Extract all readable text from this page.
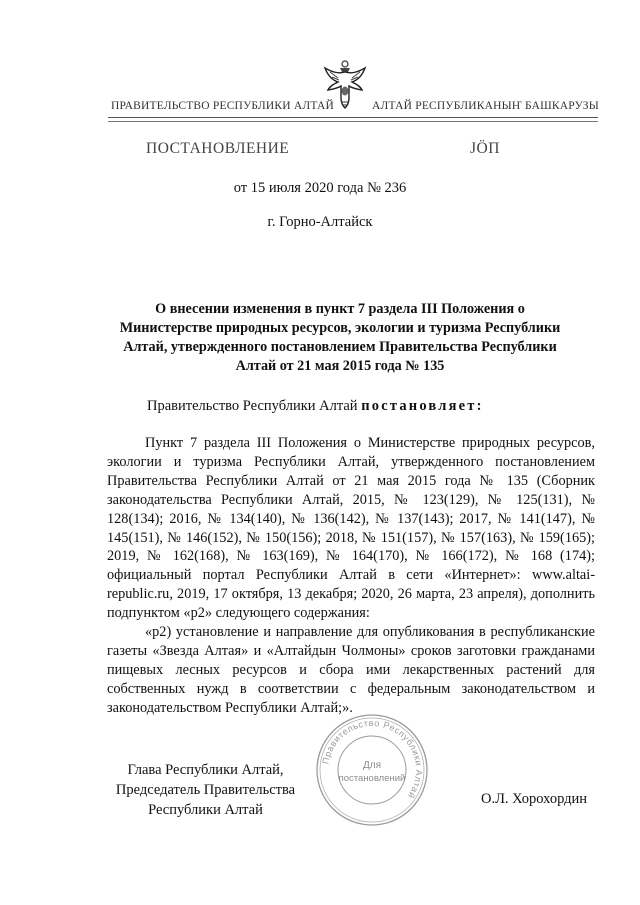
ПРАВИТЕЛЬСТВО РЕСПУБЛИКИ АЛТАЙ	АЛТАЙ РЕСПУБЛИКАНЫҤ БАШКАРУЗЫ
ПОСТАНОВЛЕНИЕ	ЈӦП
от 15 июля 2020 года № 236
г. Горно-Алтайск
О внесении изменения в пункт 7 раздела III Положения о
Министерстве природных ресурсов, экологии и туризма Республики
Алтай, утвержденного постановлением Правительства Республики
Алтай от 21 мая 2015 года № 135
Правительство Республики Алтай постановляет:

Пункт 7 раздела III Положения о Министерстве природных ресурсов, экологии и туризма Республики Алтай, утвержденного постановлением Правительства Республики Алтай от 21 мая 2015 года № 135 (Сборник законодательства Республики Алтай, 2015, № 123(129), № 125(131), № 128(134); 2016, № 134(140), № 136(142), № 137(143); 2017, № 141(147), № 145(151), № 146(152), № 150(156); 2018, № 151(157), № 157(163), № 159(165); 2019, № 162(168), № 163(169), № 164(170), № 166(172), № 168 (174); официальный портал Республики Алтай в сети «Интернет»: www.altai-republic.ru, 2019, 17 октября, 13 декабря; 2020, 26 марта, 23 апреля), дополнить подпунктом «р2» следующего содержания:

«р2) установление и направление для опубликования в республиканские газеты «Звезда Алтая» и «Алтайдын Чолмоны» сроков заготовки гражданами пищевых лесных ресурсов и сбора ими лекарственных растений для собственных нужд в соответствии с федеральным законодательством и законодательством Республики Алтай;».

Правительство Республики Алтай
Для
постановлений
Глава Республики Алтай,
Председатель Правительства
Республики Алтай
О.Л. Хорохордин
